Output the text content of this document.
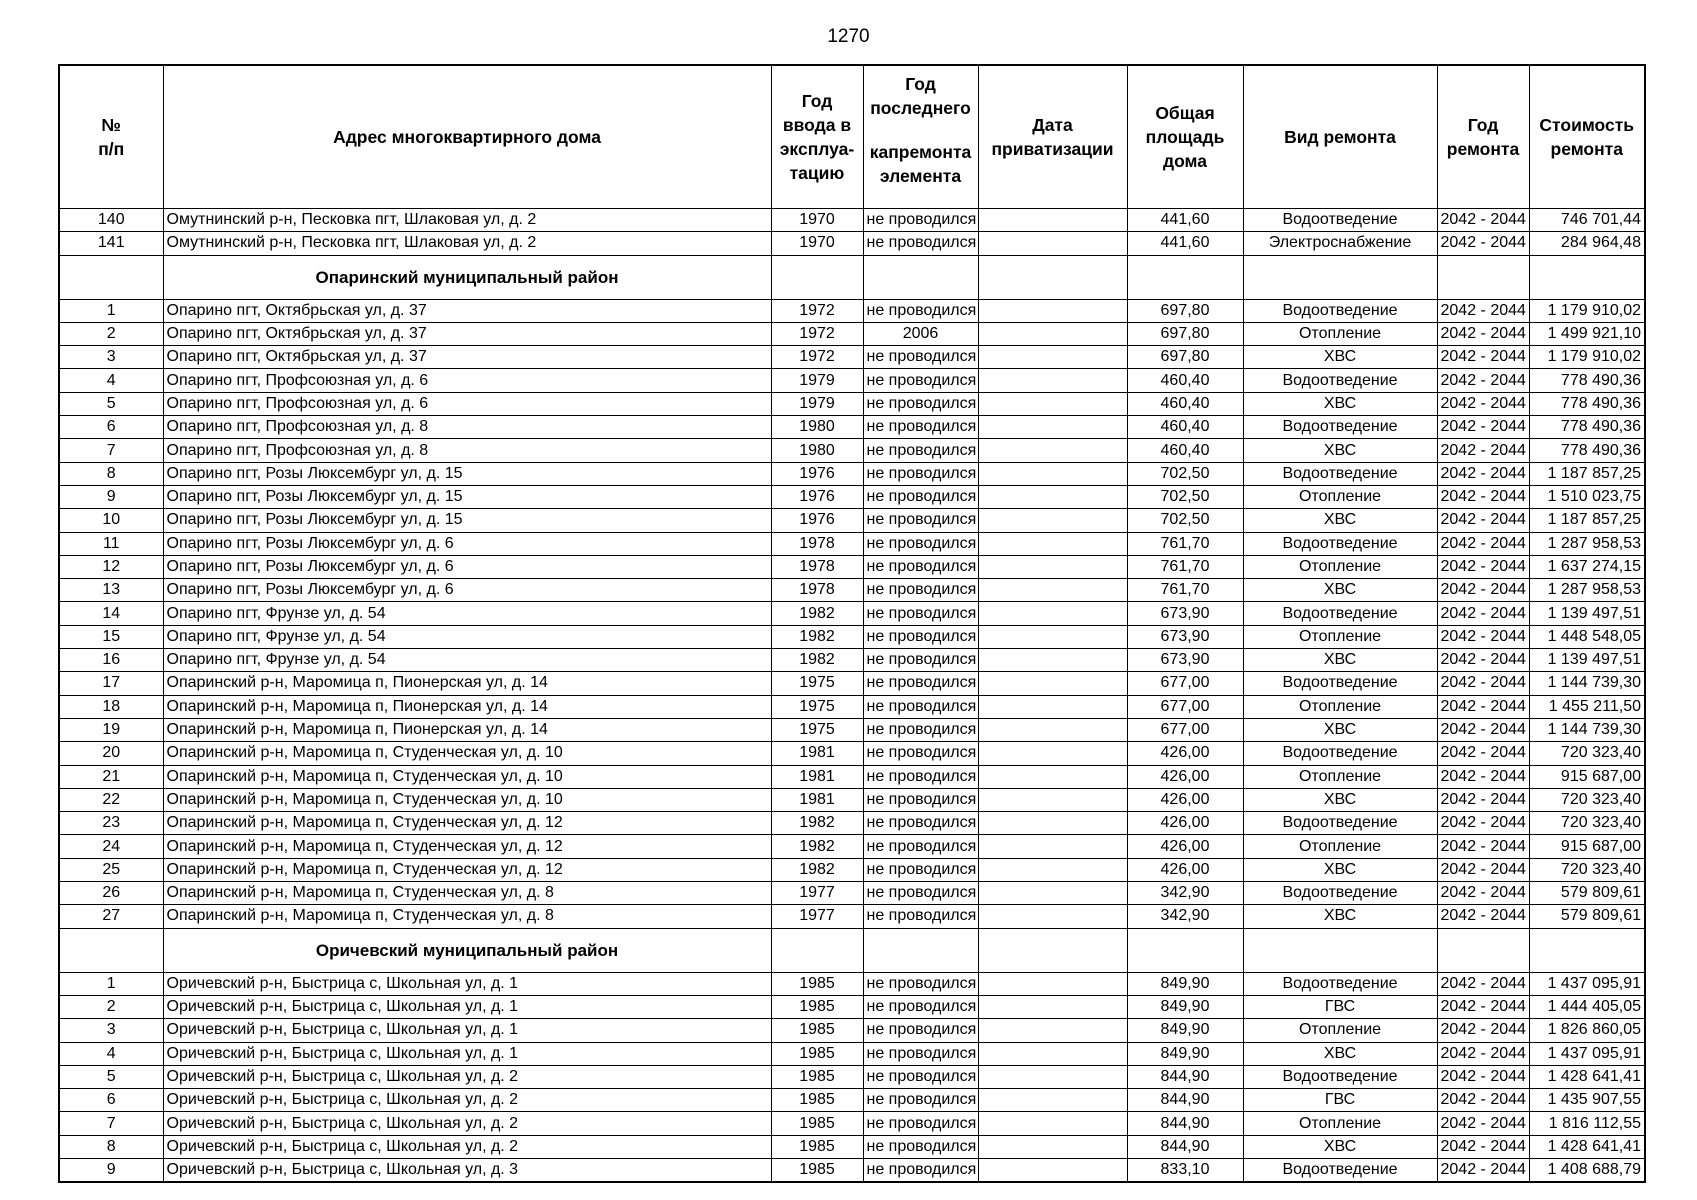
1270
№
п/п	Адрес многоквартирного дома	Год
ввода в
эксплуа-
тацию	Год
последнего
капремонта
элемента	Дата
приватизации	Общая
площадь
дома	Вид ремонта	Год
ремонта	Стоимость
ремонта
140	Омутнинский р-н, Песковка пгт, Шлаковая ул, д. 2	1970	не проводился		441,60	Водоотведение	2042 - 2044	746 701,44
141	Омутнинский р-н, Песковка пгт, Шлаковая ул, д. 2	1970	не проводился		441,60	Электроснабжение	2042 - 2044	284 964,48
	Опаринский муниципальный район							
1	Опарино пгт, Октябрьская ул, д. 37	1972	не проводился		697,80	Водоотведение	2042 - 2044	1 179 910,02
2	Опарино пгт, Октябрьская ул, д. 37	1972	2006		697,80	Отопление	2042 - 2044	1 499 921,10
3	Опарино пгт, Октябрьская ул, д. 37	1972	не проводился		697,80	ХВС	2042 - 2044	1 179 910,02
4	Опарино пгт, Профсоюзная ул, д. 6	1979	не проводился		460,40	Водоотведение	2042 - 2044	778 490,36
5	Опарино пгт, Профсоюзная ул, д. 6	1979	не проводился		460,40	ХВС	2042 - 2044	778 490,36
6	Опарино пгт, Профсоюзная ул, д. 8	1980	не проводился		460,40	Водоотведение	2042 - 2044	778 490,36
7	Опарино пгт, Профсоюзная ул, д. 8	1980	не проводился		460,40	ХВС	2042 - 2044	778 490,36
8	Опарино пгт, Розы Люксембург ул, д. 15	1976	не проводился		702,50	Водоотведение	2042 - 2044	1 187 857,25
9	Опарино пгт, Розы Люксембург ул, д. 15	1976	не проводился		702,50	Отопление	2042 - 2044	1 510 023,75
10	Опарино пгт, Розы Люксембург ул, д. 15	1976	не проводился		702,50	ХВС	2042 - 2044	1 187 857,25
11	Опарино пгт, Розы Люксембург ул, д. 6	1978	не проводился		761,70	Водоотведение	2042 - 2044	1 287 958,53
12	Опарино пгт, Розы Люксембург ул, д. 6	1978	не проводился		761,70	Отопление	2042 - 2044	1 637 274,15
13	Опарино пгт, Розы Люксембург ул, д. 6	1978	не проводился		761,70	ХВС	2042 - 2044	1 287 958,53
14	Опарино пгт, Фрунзе ул, д. 54	1982	не проводился		673,90	Водоотведение	2042 - 2044	1 139 497,51
15	Опарино пгт, Фрунзе ул, д. 54	1982	не проводился		673,90	Отопление	2042 - 2044	1 448 548,05
16	Опарино пгт, Фрунзе ул, д. 54	1982	не проводился		673,90	ХВС	2042 - 2044	1 139 497,51
17	Опаринский р-н, Маромица п, Пионерская ул, д. 14	1975	не проводился		677,00	Водоотведение	2042 - 2044	1 144 739,30
18	Опаринский р-н, Маромица п, Пионерская ул, д. 14	1975	не проводился		677,00	Отопление	2042 - 2044	1 455 211,50
19	Опаринский р-н, Маромица п, Пионерская ул, д. 14	1975	не проводился		677,00	ХВС	2042 - 2044	1 144 739,30
20	Опаринский р-н, Маромица п, Студенческая ул, д. 10	1981	не проводился		426,00	Водоотведение	2042 - 2044	720 323,40
21	Опаринский р-н, Маромица п, Студенческая ул, д. 10	1981	не проводился		426,00	Отопление	2042 - 2044	915 687,00
22	Опаринский р-н, Маромица п, Студенческая ул, д. 10	1981	не проводился		426,00	ХВС	2042 - 2044	720 323,40
23	Опаринский р-н, Маромица п, Студенческая ул, д. 12	1982	не проводился		426,00	Водоотведение	2042 - 2044	720 323,40
24	Опаринский р-н, Маромица п, Студенческая ул, д. 12	1982	не проводился		426,00	Отопление	2042 - 2044	915 687,00
25	Опаринский р-н, Маромица п, Студенческая ул, д. 12	1982	не проводился		426,00	ХВС	2042 - 2044	720 323,40
26	Опаринский р-н, Маромица п, Студенческая ул, д. 8	1977	не проводился		342,90	Водоотведение	2042 - 2044	579 809,61
27	Опаринский р-н, Маромица п, Студенческая ул, д. 8	1977	не проводился		342,90	ХВС	2042 - 2044	579 809,61
	Оричевский муниципальный район							
1	Оричевский р-н, Быстрица с, Школьная ул, д. 1	1985	не проводился		849,90	Водоотведение	2042 - 2044	1 437 095,91
2	Оричевский р-н, Быстрица с, Школьная ул, д. 1	1985	не проводился		849,90	ГВС	2042 - 2044	1 444 405,05
3	Оричевский р-н, Быстрица с, Школьная ул, д. 1	1985	не проводился		849,90	Отопление	2042 - 2044	1 826 860,05
4	Оричевский р-н, Быстрица с, Школьная ул, д. 1	1985	не проводился		849,90	ХВС	2042 - 2044	1 437 095,91
5	Оричевский р-н, Быстрица с, Школьная ул, д. 2	1985	не проводился		844,90	Водоотведение	2042 - 2044	1 428 641,41
6	Оричевский р-н, Быстрица с, Школьная ул, д. 2	1985	не проводился		844,90	ГВС	2042 - 2044	1 435 907,55
7	Оричевский р-н, Быстрица с, Школьная ул, д. 2	1985	не проводился		844,90	Отопление	2042 - 2044	1 816 112,55
8	Оричевский р-н, Быстрица с, Школьная ул, д. 2	1985	не проводился		844,90	ХВС	2042 - 2044	1 428 641,41
9	Оричевский р-н, Быстрица с, Школьная ул, д. 3	1985	не проводился		833,10	Водоотведение	2042 - 2044	1 408 688,79
